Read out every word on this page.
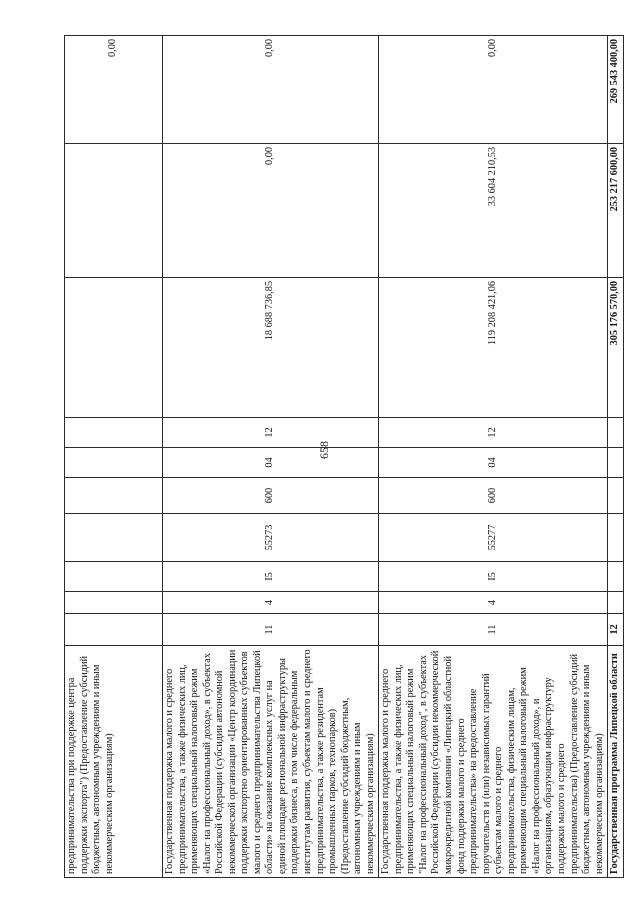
658
предпринимательства при поддержке центра поддержки экспорта") (Предоставление субсидий бюджетным, автономным учреждениям и иным некоммерческим организациям)										0,00
Государственная поддержка малого и среднего предпринимательства, а также физических лиц, применяющих специальный налоговый режим «Налог на профессиональный доход», в субъектах Российской Федерации (субсидии автономной некоммерческой организации «Центр координации поддержки экспортно ориентированных субъектов малого и среднего предпринимательства Липецкой области» на оказание комплексных услуг на единой площадке региональной инфраструктуры поддержки бизнеса, в том числе федеральным институтам развития, субъектам малого и среднего предпринимательства, а также резидентам промышленных парков, технопарков) (Предоставление субсидий бюджетным, автономным учреждениям и иным некоммерческим организациям)	11	4	I5	55273	600	04	12	18 688 736,85	0,00	0,00
Государственная поддержка малого и среднего предпринимательства, а также физических лиц, применяющих специальный налоговый режим "Налог на профессиональный доход", в субъектах Российской Федерации (субсидии некоммерческой микрокредитной компании «Липецкий областной фонд поддержки малого и среднего предпринимательства» на предоставление поручительств и (или) независимых гарантий субъектам малого и среднего предпринимательства, физическим лицам, применяющим специальный налоговый режим «Налог на профессиональный доход», и организациям, образующим инфраструктуру поддержки малого и среднего предпринимательства) (Предоставление субсидий бюджетным, автономным учреждениям и иным некоммерческим организациям)	11	4	I5	55277	600	04	12	119 208 421,06	33 604 210,53	0,00
Государственная программа Липецкой области	12							305 176 570,00	253 217 600,00	269 543 400,00
